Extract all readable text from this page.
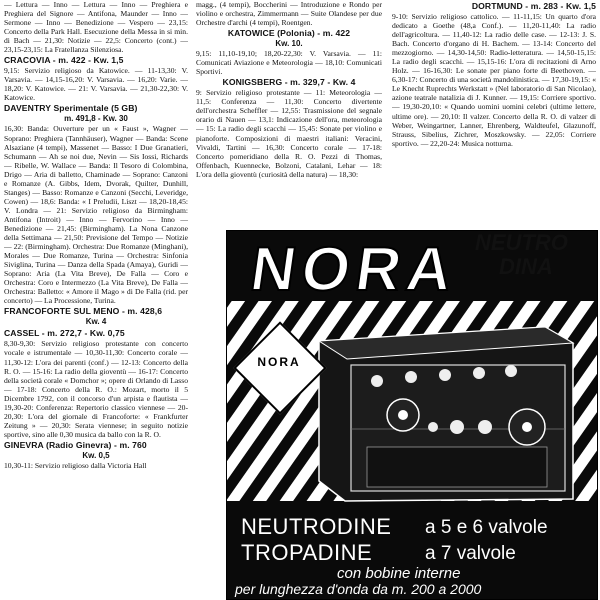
— Lettura — Inno — Lettura — Inno — Preghiera e Preghiera del Signore — Antifona, Maunder — Inno — Sermone — Inno — Benedizione — Vespero — 23,15: Concerto della Park Hall. Esecuzione della Messa in si min. di Bach — 21,30: Notizie — 22,5: Concerto (cont.) — 23,15-23,15: La Fratellanza Silenziosa.

CRACOVIA - m. 422 - Kw. 1,5

9,15: Servizio religioso da Katowice. — 11-13,30: V. Varsavia. — 14,15-16,20: V. Varsavia. — 16,20: Varie. — 18,20: V. Katowice. — 21: V. Varsavia. — 21,30-22,30: V. Katowice.

DAVENTRY Sperimentale (5 GB)
m. 491,8 - Kw. 30

16,30: Banda: Ouverture per un « Faust », Wagner — Soprano: Preghiera (Tannhäuser), Wagner — Banda: Scene Alsaziane (4 tempi), Massenet — Basso: I Due Granatieri, Schumann — Ah se noi due, Nevin — Sis Iossi, Richards — Ribelle, W. Wallace — Banda: Il Tesoro di Colombina, Drigo — Aria di balletto, Chaminade — Soprano: Canzoni e Romanze (A. Gibbs, Idem, Dvorak, Quilter, Dunhill, Stanges) — Basso: Romanze e Canzoni (Secchi, Leveridge, Cowen) — 18,6: Banda: « I Preludii, Liszt — 18,20-18,45: V. Londra — 21: Servizio religioso da Birmingham: Antifona (Introit) — Inno — Fervorino — Inno — Benedizione — 21,45: (Birmingham). La Nona Canzone della Settimana — 21,50: Previsione del Tempo — Notizie — 22: (Birmingham). Orchestra: Due Romanze (Minghani), Morales — Due Romanze, Turina — Orchestra: Sinfonia Siviglina, Turina — Danza della Spada (Amaya), Guridi — Soprano: Aria (La Vita Breve), De Falla — Coro e Orchestra: Coro e Intermezzo (La Vita Breve), De Falla — Orchestra: Balletto: « Amore il Mago » di De Falla (rid. per concerto) — La Processione, Turina.

FRANCOFORTE SUL MENO - m. 428,6
Kw. 4
CASSEL - m. 272,7 - Kw. 0,75

8,30-9,30: Servizio religioso protestante con concerto vocale e istrumentale — 10,30-11,30: Concerto corale — 11,30-12: L'ora dei parenti (conf.) — 12-13: Concerto della R. O. — 15-16: La radio della gioventù — 16-17: Concerto della società corale « Domchor »; opere di Orlando di Lasso — 17-18: Concerto della R. O.: Mozart, morto il 5 Dicembre 1792, con il concorso d'un arpista e flautista — 19,30-20: Conferenza: Repertorio classico viennese — 20-20,30: L'ora del giornale di Francoforte: « Frankfurter Zeitung » — 20,30: Serata viennese; in seguito notizie sportive, sino alle 0,30 musica da ballo con la R. O.

GINEVRA (Radio Ginevra) - m. 760
Kw. 0,5

10,30-11: Servizio religioso dalla Victoria Hall

magg., (4 tempi), Boccherini — Introduzione e Rondo per violino e orchestra, Zimmermann — Suite Olandese per due Orchestre d'archi (4 tempi), Roentgen.

KATOWICE (Polonia) - m. 422
Kw. 10.

9,15: 11,10-19,10; 18,20-22,30: V. Varsavia. — 11: Comunicati Aviazione e Meteorologia — 18,10: Comunicati Sportivi.

KONIGSBERG - m. 329,7 - Kw. 4

9: Servizio religioso protestante — 11: Meteorologia — 11,5: Conferenza — 11,30: Concerto divertente dell'orchestra Scheffler — 12,55: Trasmissione del segnale orario di Nauen — 13,1: Indicazione dell'ora, meteorologia — 15: La radio degli scacchi — 15,45: Sonate per violino e pianoforte. Composizioni di maestri italiani: Veracini, Vivaldi, Tartini — 16,30: Concerto corale — 17-18: Concerto pomeridiano della R. O. Pezzi di Thomas, Offenbach, Kuennecke, Bolzoni, Catalani, Lehar — 18: L'ora della gioventù (curiosità della natura) — 18,30:

DORTMUND - m. 283 - Kw. 1,5

9-10: Servizio religioso cattolico. — 11-11,15: Un quarto d'ora dedicato a Goethe (48,a Conf.). — 11,20-11,40: La radio dell'agricoltura. — 11,40-12: La radio delle case. — 12-13: J. S. Bach. Concerto d'organo di H. Bachem. — 13-14: Concerto del mezzogiorno. — 14,30-14,50: Radio-letteratura. — 14,50-15,15: La radio degli scacchi. — 15,15-16: L'ora di recitazioni di Arno Holz. — 16-16,30: Le sonate per piano forte di Beethoven. — 6,30-17: Concerto di una società mandolinistica. — 17,30-19,15: « Le Knecht Ruprechts Werkstatt » (Nel laboratorio di San Nicolao), azione teatrale natalizia di J. Kunner. — 19,15: Corriere sportivo. — 19,30-20,10: « Quando uomini uomini celebri (ultime lettere, ultime ore). — 20,10: Il valzer. Concerto della R. O. di valzer di Weber, Weingartner, Lanner, Ehrenberg, Waldteufel, Glazunoff, Strauss, Sibelius, Zichrer, Moszkowsky. — 22,05: Corriere sportivo. — 22,20-24: Musica notturna.

NORA
NORA NEUTRO
DINA
NEUTRODINE a 5 e 6 valvole
TROPADINE	a 7 valvole
con bobine interne
per lunghezza d'onda da m. 200 a 2000
